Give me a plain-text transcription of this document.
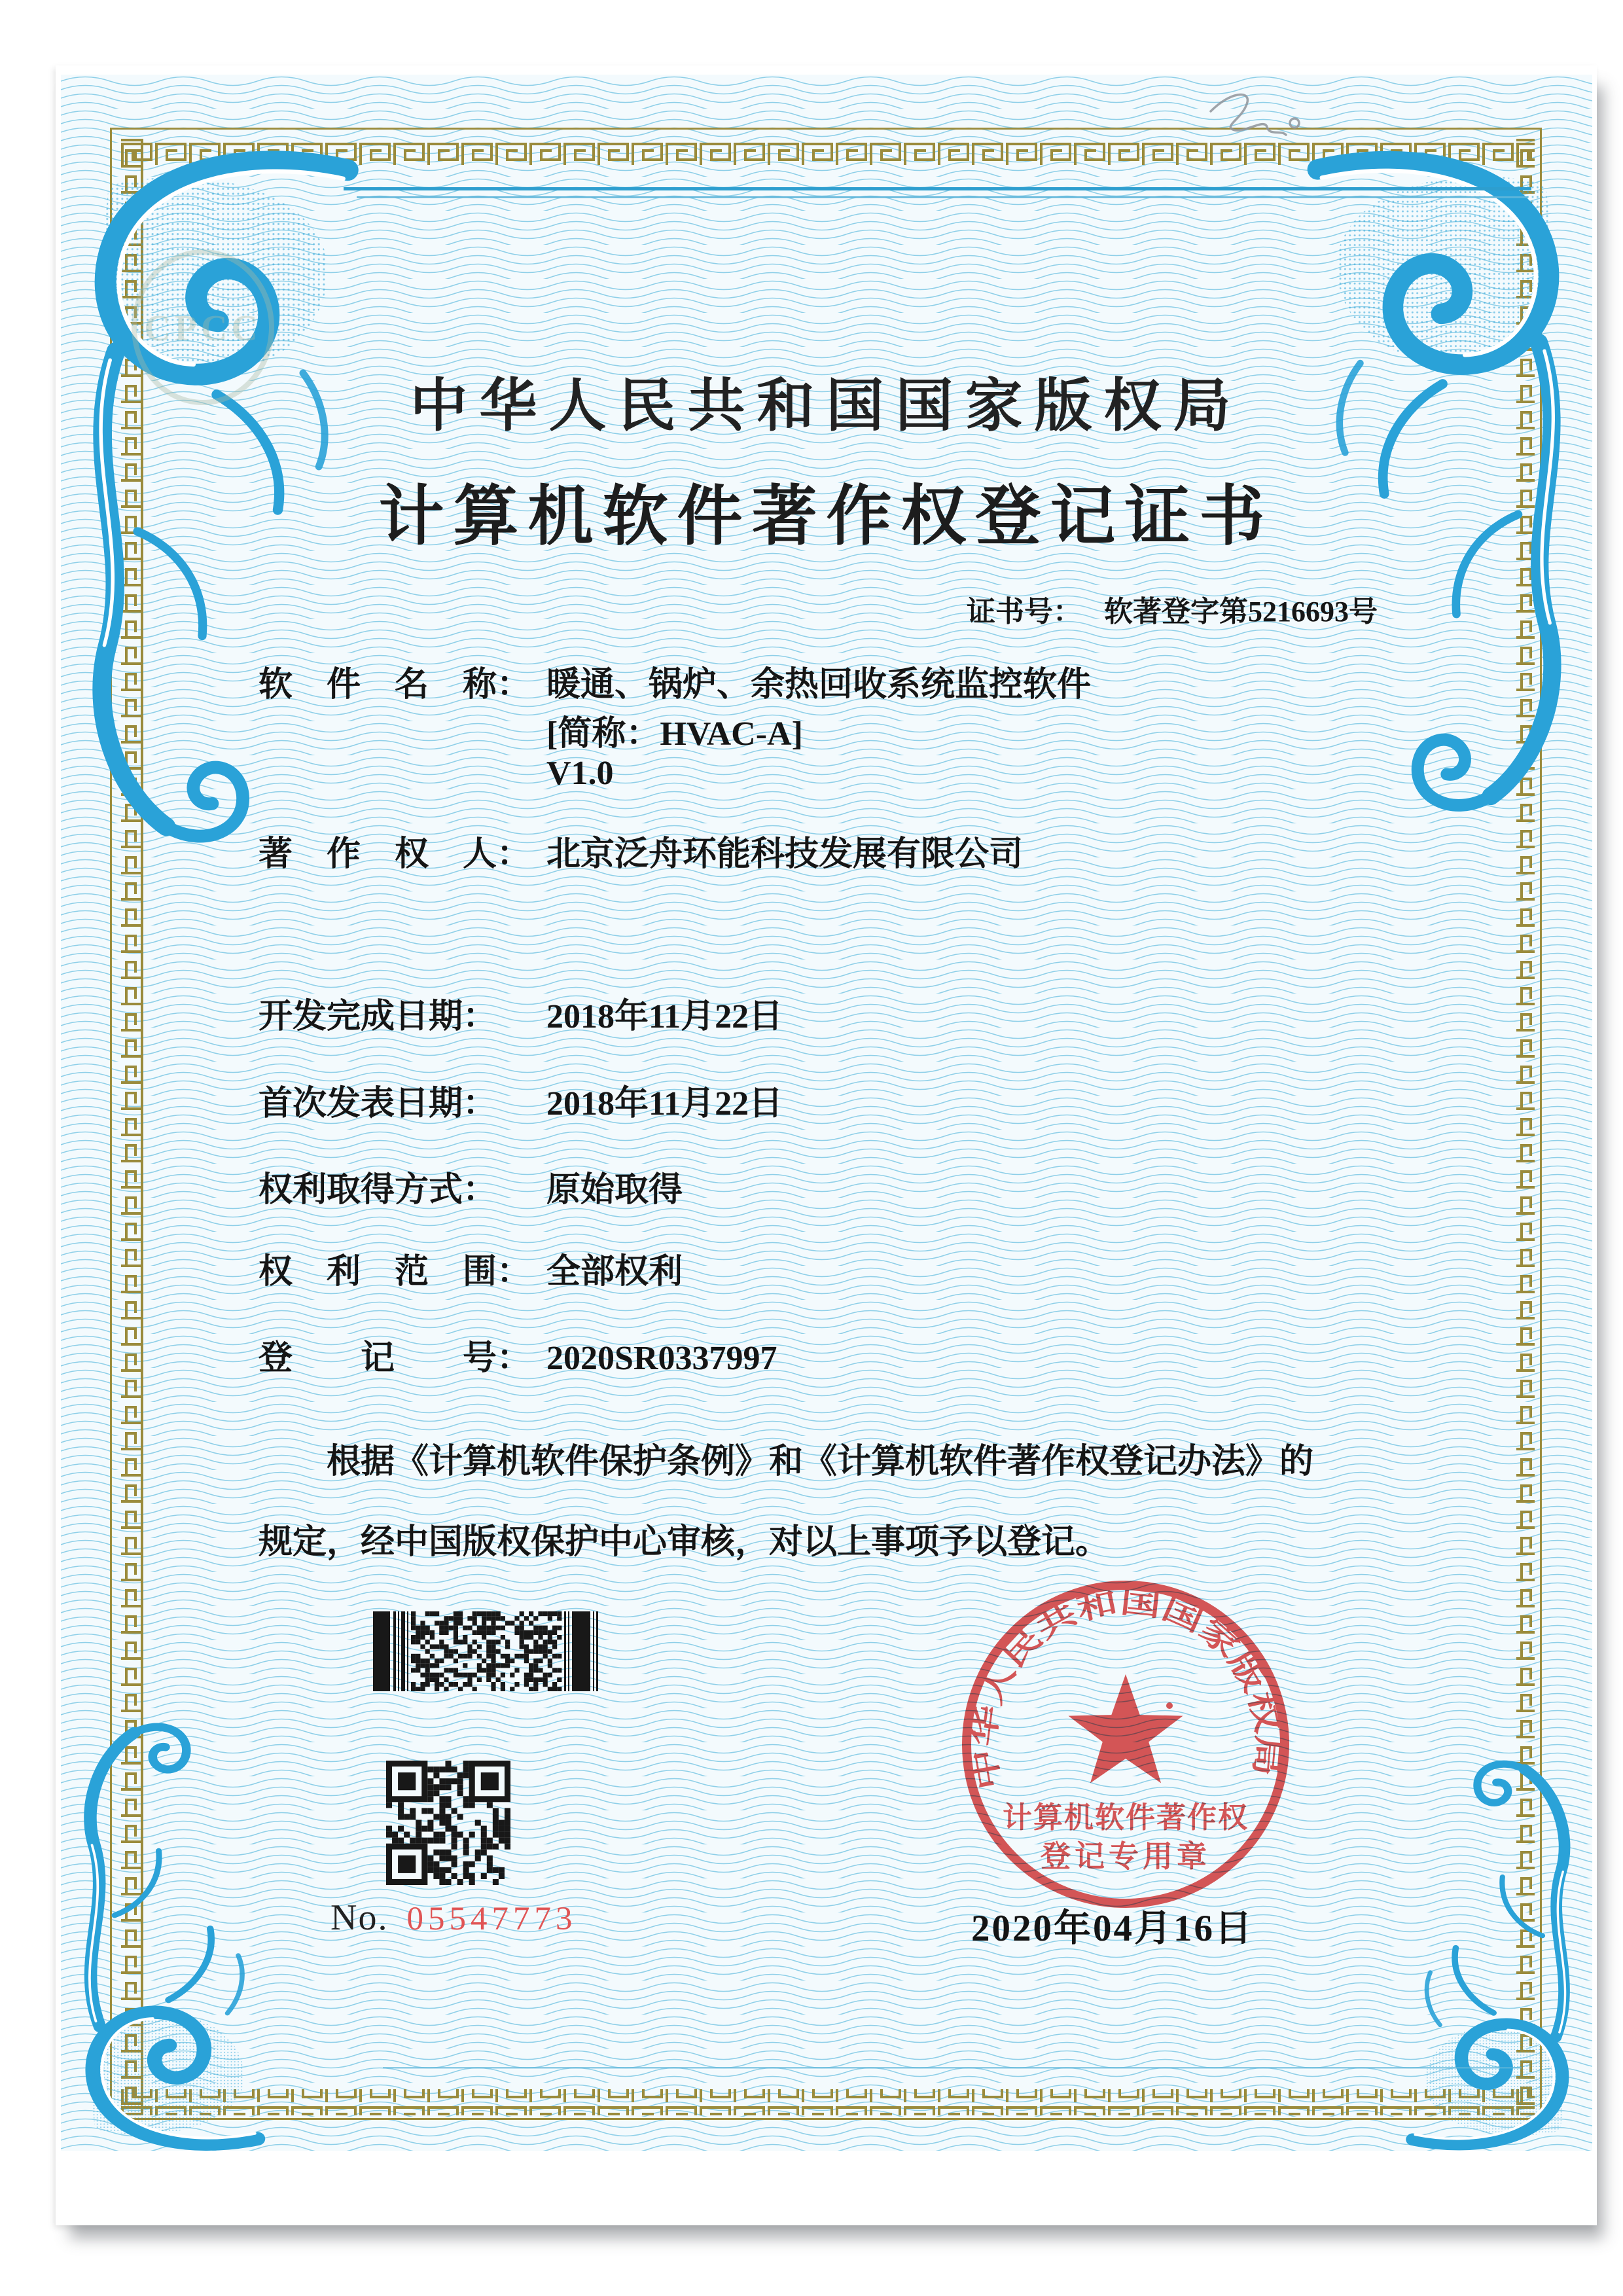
CPCC
中华人民共和国国家版权局
计算机软件著作权登记证书
证书号： 软著登字第5216693号
软　件　名　称： 暖通、锅炉、余热回收系统监控软件
[简称：HVAC-A]
V1.0
著　作　权　人： 北京泛舟环能科技发展有限公司
开发完成日期： 2018年11月22日
首次发表日期： 2018年11月22日
权利取得方式： 原始取得
权　利　范　围： 全部权利
登　　记　　号： 2020SR0337997
根据《计算机软件保护条例》和《计算机软件著作权登记办法》的
规定，经中国版权保护中心审核，对以上事项予以登记。
No. 05547773
中华人民共和国国家版权局
计算机软件著作权
登记专用章
2020年04月16日
